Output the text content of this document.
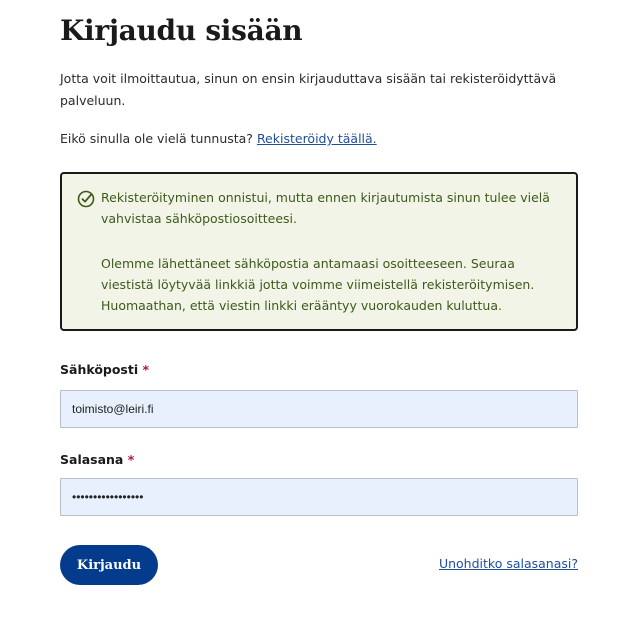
Kirjaudu sisään

Jotta voit ilmoittautua, sinun on ensin kirjauduttava sisään tai rekisteröidyttävä palveluun.

Eikö sinulla ole vielä tunnusta? Rekisteröidy täällä.

Rekisteröityminen onnistui, mutta ennen kirjautumista sinun tulee vielä vahvistaa sähköpostiosoitteesi.

Olemme lähettäneet sähköpostia antamaasi osoitteeseen. Seuraa viestistä löytyvää linkkiä jotta voimme viimeistellä rekisteröitymisen. Huomaathan, että viestin linkki erääntyy vuorokauden kuluttua.

Sähköposti *
toimisto@leiri.fi
Salasana *
•••••••••••••••••
Kirjaudu	Unohditko salasanasi?
